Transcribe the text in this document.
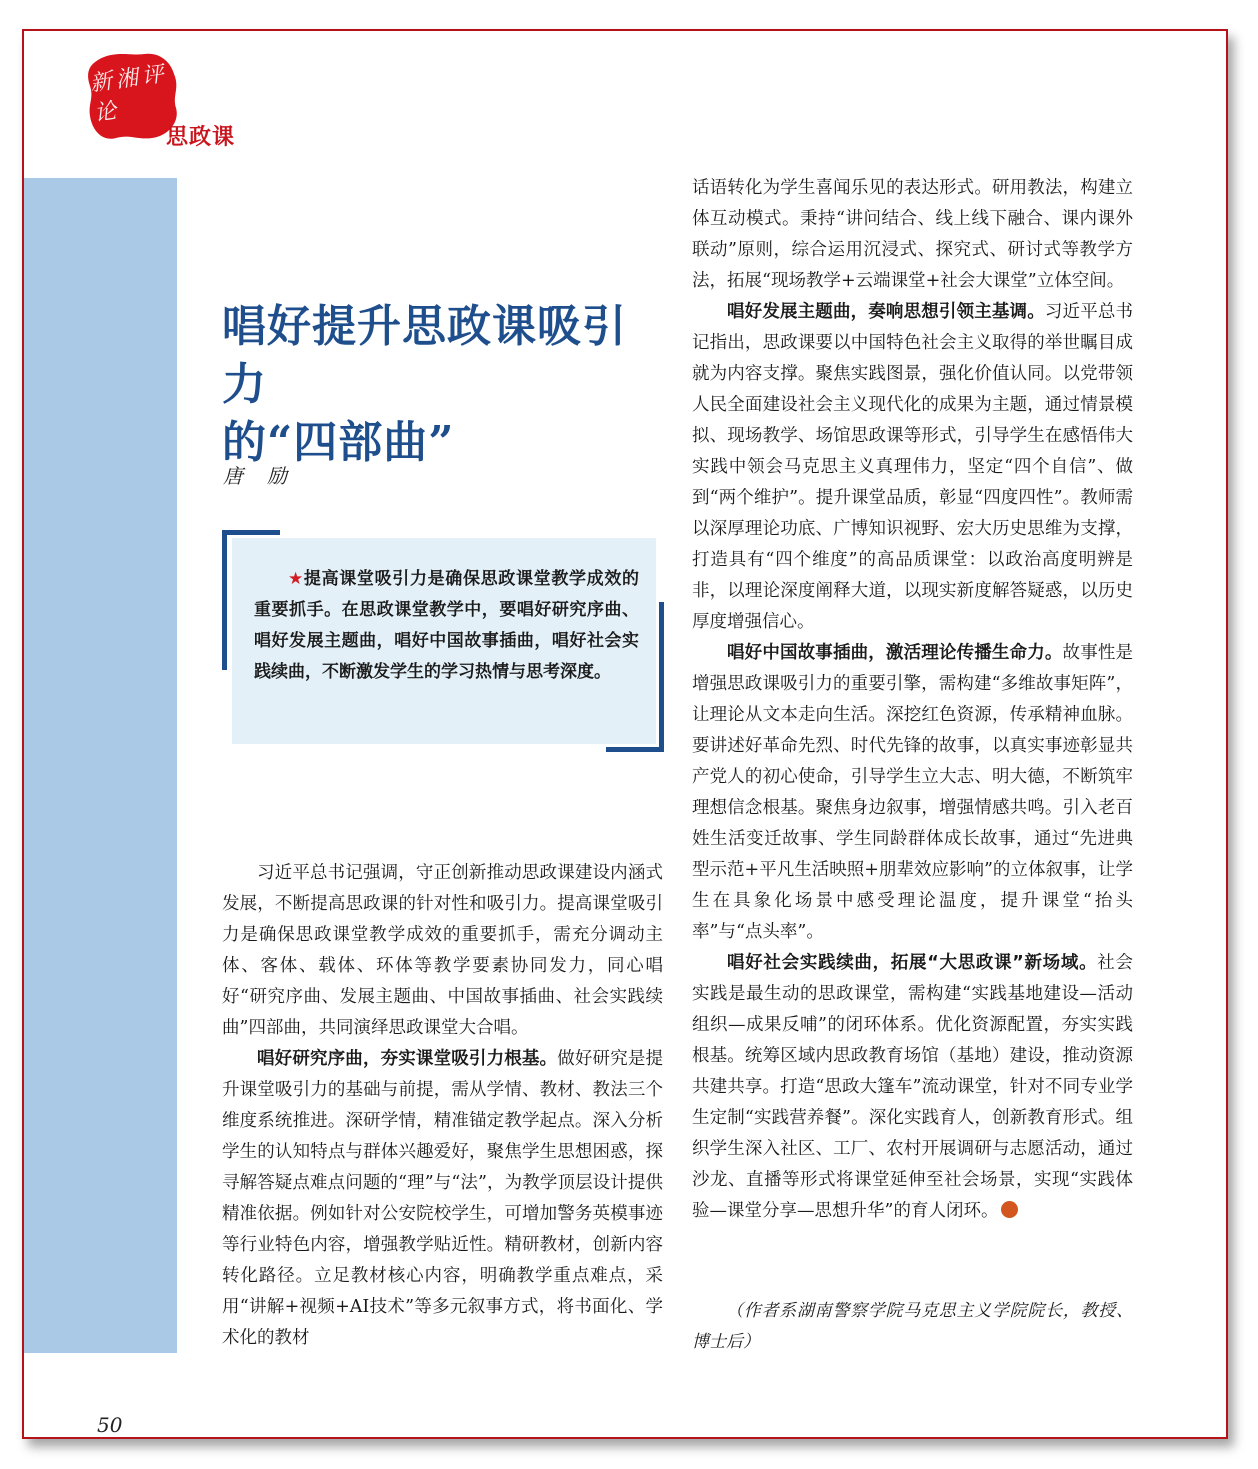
新湘评论
思政课
唱好提升思政课吸引力
的“四部曲”
唐励
★提高课堂吸引力是确保思政课堂教学成效的重要抓手。在思政课堂教学中，要唱好研究序曲、唱好发展主题曲，唱好中国故事插曲，唱好社会实践续曲，不断激发学生的学习热情与思考深度。

习近平总书记强调，守正创新推动思政课建设内涵式发展，不断提高思政课的针对性和吸引力。提高课堂吸引力是确保思政课堂教学成效的重要抓手，需充分调动主体、客体、载体、环体等教学要素协同发力，同心唱好“研究序曲、发展主题曲、中国故事插曲、社会实践续曲”四部曲，共同演绎思政课堂大合唱。

唱好研究序曲，夯实课堂吸引力根基。做好研究是提升课堂吸引力的基础与前提，需从学情、教材、教法三个维度系统推进。深研学情，精准锚定教学起点。深入分析学生的认知特点与群体兴趣爱好，聚焦学生思想困惑，探寻解答疑点难点问题的“理”与“法”，为教学顶层设计提供精准依据。例如针对公安院校学生，可增加警务英模事迹等行业特色内容，增强教学贴近性。精研教材，创新内容转化路径。立足教材核心内容，明确教学重点难点，采用“讲解+视频+AI技术”等多元叙事方式，将书面化、学术化的教材

话语转化为学生喜闻乐见的表达形式。研用教法，构建立体互动模式。秉持“讲问结合、线上线下融合、课内课外联动”原则，综合运用沉浸式、探究式、研讨式等教学方法，拓展“现场教学+云端课堂+社会大课堂”立体空间。

唱好发展主题曲，奏响思想引领主基调。习近平总书记指出，思政课要以中国特色社会主义取得的举世瞩目成就为内容支撑。聚焦实践图景，强化价值认同。以党带领人民全面建设社会主义现代化的成果为主题，通过情景模拟、现场教学、场馆思政课等形式，引导学生在感悟伟大实践中领会马克思主义真理伟力，坚定“四个自信”、做到“两个维护”。提升课堂品质，彰显“四度四性”。教师需以深厚理论功底、广博知识视野、宏大历史思维为支撑，打造具有“四个维度”的高品质课堂：以政治高度明辨是非，以理论深度阐释大道，以现实新度解答疑惑，以历史厚度增强信心。

唱好中国故事插曲，激活理论传播生命力。故事性是增强思政课吸引力的重要引擎，需构建“多维故事矩阵”，让理论从文本走向生活。深挖红色资源，传承精神血脉。要讲述好革命先烈、时代先锋的故事，以真实事迹彰显共产党人的初心使命，引导学生立大志、明大德，不断筑牢理想信念根基。聚焦身边叙事，增强情感共鸣。引入老百姓生活变迁故事、学生同龄群体成长故事，通过“先进典型示范+平凡生活映照+朋辈效应影响”的立体叙事，让学生在具象化场景中感受理论温度，提升课堂“抬头率”与“点头率”。

唱好社会实践续曲，拓展“大思政课”新场域。社会实践是最生动的思政课堂，需构建“实践基地建设—活动组织—成果反哺”的闭环体系。优化资源配置，夯实实践根基。统筹区域内思政教育场馆（基地）建设，推动资源共建共享。打造“思政大篷车”流动课堂，针对不同专业学生定制“实践营养餐”。深化实践育人，创新教育形式。组织学生深入社区、工厂、农村开展调研与志愿活动，通过沙龙、直播等形式将课堂延伸至社会场景，实现“实践体验—课堂分享—思想升华”的育人闭环。

（作者系湖南警察学院马克思主义学院院长，教授、博士后）
50
